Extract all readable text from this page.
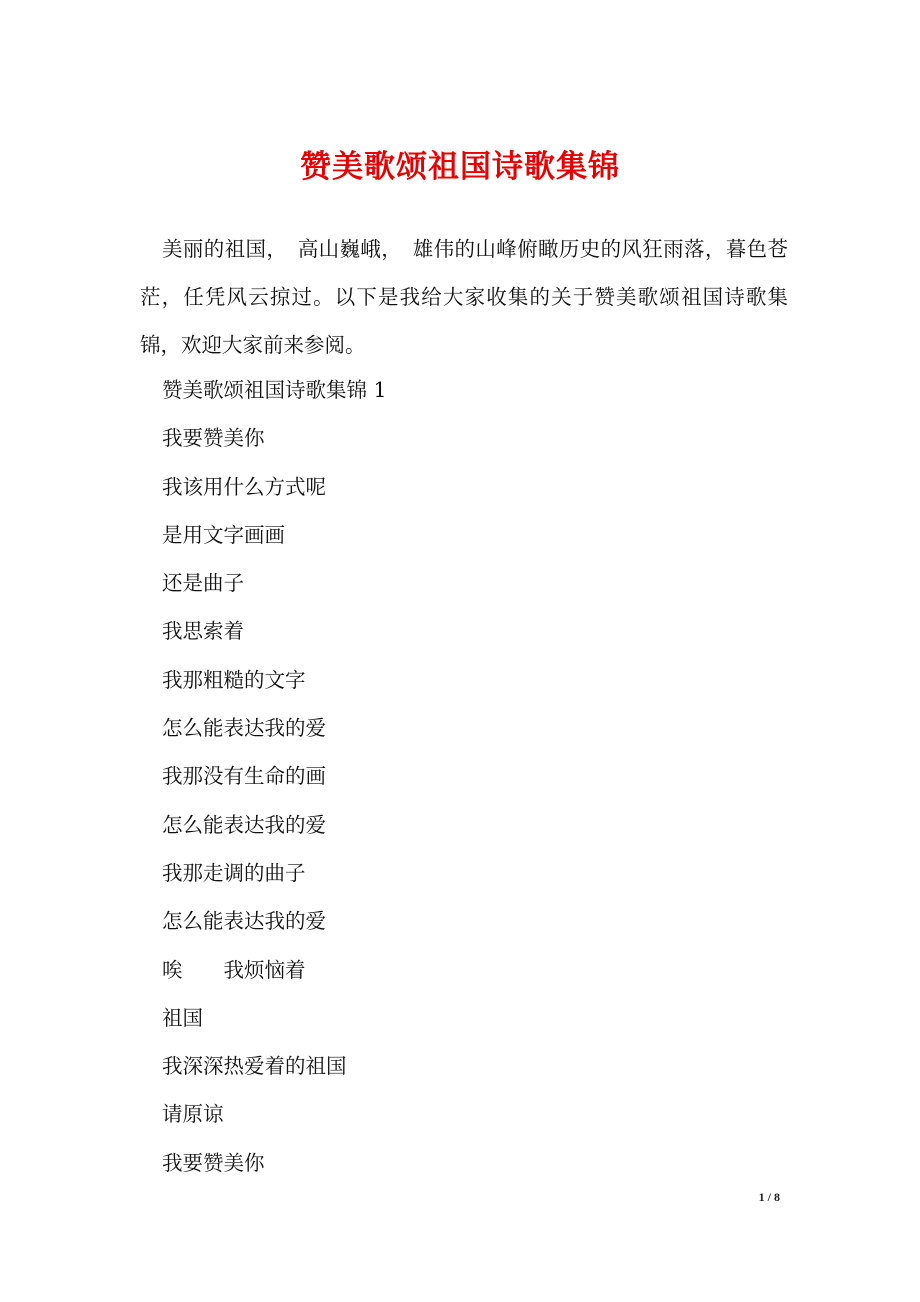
赞美歌颂祖国诗歌集锦

美丽的祖国，　高山巍峨，　雄伟的山峰俯瞰历史的风狂雨落，暮色苍茫，任凭风云掠过。以下是我给大家收集的关于赞美歌颂祖国诗歌集锦，欢迎大家前来参阅。

赞美歌颂祖国诗歌集锦 1
我要赞美你
我该用什么方式呢
是用文字画画
还是曲子
我思索着
我那粗糙的文字
怎么能表达我的爱
我那没有生命的画
怎么能表达我的爱
我那走调的曲子
怎么能表达我的爱
唉　　我烦恼着
祖国
我深深热爱着的祖国
请原谅
我要赞美你
1 / 8
